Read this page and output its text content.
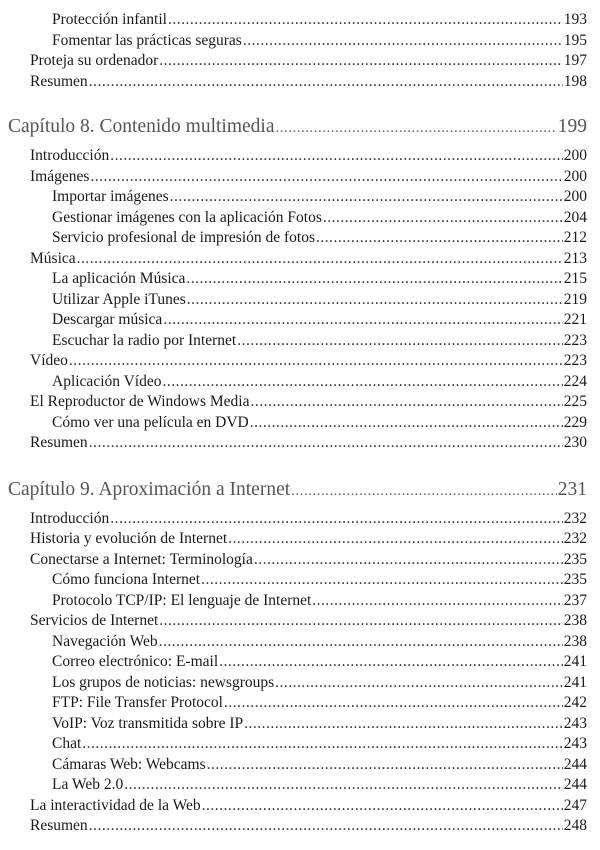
Protección infantil .....	193
Fomentar las prácticas seguras .....	195
Proteja su ordenador .....	197
Resumen .....	198
Capítulo 8. Contenido multimedia .....	199
Introducción .....	200
Imágenes .....	200
Importar imágenes .....	200
Gestionar imágenes con la aplicación Fotos .....	204
Servicio profesional de impresión de fotos .....	212
Música .....	213
La aplicación Música .....	215
Utilizar Apple iTunes .....	219
Descargar música .....	221
Escuchar la radio por Internet .....	223
Vídeo .....	223
Aplicación Vídeo .....	224
El Reproductor de Windows Media .....	225
Cómo ver una película en DVD .....	229
Resumen .....	230
Capítulo 9. Aproximación a Internet .....	231
Introducción .....	232
Historia y evolución de Internet .....	232
Conectarse a Internet: Terminología .....	235
Cómo funciona Internet .....	235
Protocolo TCP/IP: El lenguaje de Internet .....	237
Servicios de Internet .....	238
Navegación Web .....	238
Correo electrónico: E-mail .....	241
Los grupos de noticias: newsgroups .....	241
FTP: File Transfer Protocol .....	242
VoIP: Voz transmitida sobre IP .....	243
Chat .....	243
Cámaras Web: Webcams .....	244
La Web 2.0 .....	244
La interactividad de la Web .....	247
Resumen .....	248
